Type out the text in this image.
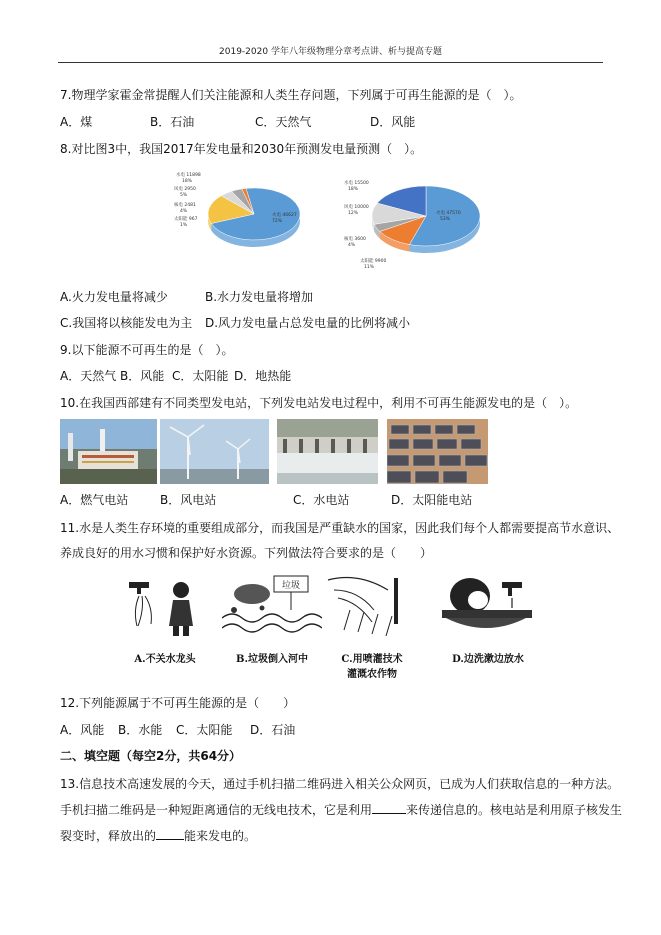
2019-2020 学年八年级物理分章考点讲、析与提高专题
7.物理学家霍金常提醒人们关注能源和人类生存问题，下列属于可再生能源的是（　）。
A．煤	B．石油	C．天然气	D．风能
8.对比图3中，我国2017年发电量和2030年预测发电量预测（　）。
火电 46627
72%
水电 11898
18%
风电 2950
5%
核电 2481
4%
太阳能 967
1%
火电 47570
53%
水电 15500
18%
风电 10000
12%
核电 3600
4%
太阳能 9900
11%
A.火力发电量将减少	B.水力发电量将增加
C.我国将以核能发电为主 D.风力发电量占总发电量的比例将减小
9.以下能源不可再生的是（　）。
A．天然气 B．风能 C．太阳能 D．地热能
10.在我国西部建有不同类型发电站，下列发电站发电过程中，利用不可再生能源发电的是（　）。
A．燃气电站	B．风电站	C．水电站	D．太阳能电站
11.水是人类生存环境的重要组成部分，而我国是严重缺水的国家，因此我们每个人都需要提高节水意识、
养成良好的用水习惯和保护好水资源。下列做法符合要求的是（　　）
A.不关水龙头
垃圾
B.垃圾倒入河中	C.用喷灌技术
灌溉农作物
D.边洗漱边放水
12.下列能源属于不可再生能源的是（　　）
A．风能 B．水能 C．太阳能 D．石油
二、填空题（每空2分，共64分）
13.信息技术高速发展的今天，通过手机扫描二维码进入相关公众网页，已成为人们获取信息的一种方法。
手机扫描二维码是一种短距离通信的无线电技术，它是利用	来传递信息的。核电站是利用原子核发生
裂变时，释放出的 能来发电的。
